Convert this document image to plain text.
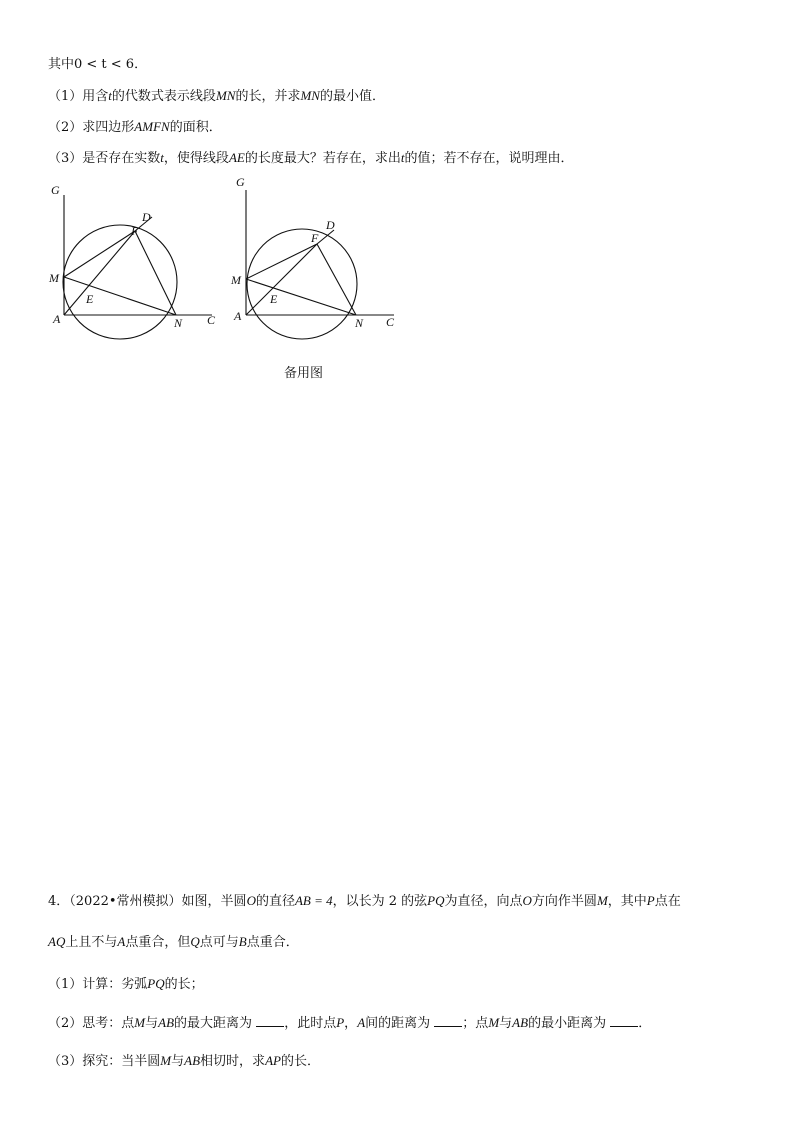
其中0 < t < 6．
（1）用含t的代数式表示线段MN的长，并求MN的最小值．
（2）求四边形AMFN的面积．
（3）是否存在实数t，使得线段AE的长度最大？若存在，求出t的值；若不存在，说明理由．
G
D
F
M
E
A	N C
G
D
F
M
E
A	N C
备用图
4．（2022•常州模拟）如图，半圆O的直径AB = 4，以长为 2 的弦PQ为直径，向点O方向作半圆M，其中P点在
AQ上且不与A点重合，但Q点可与B点重合．
（1）计算：劣弧PQ的长；
（2）思考：点M与AB的最大距离为 ，此时点P，A间的距离为 ；点M与AB的最小距离为 ．
（3）探究：当半圆M与AB相切时，求AP的长．
